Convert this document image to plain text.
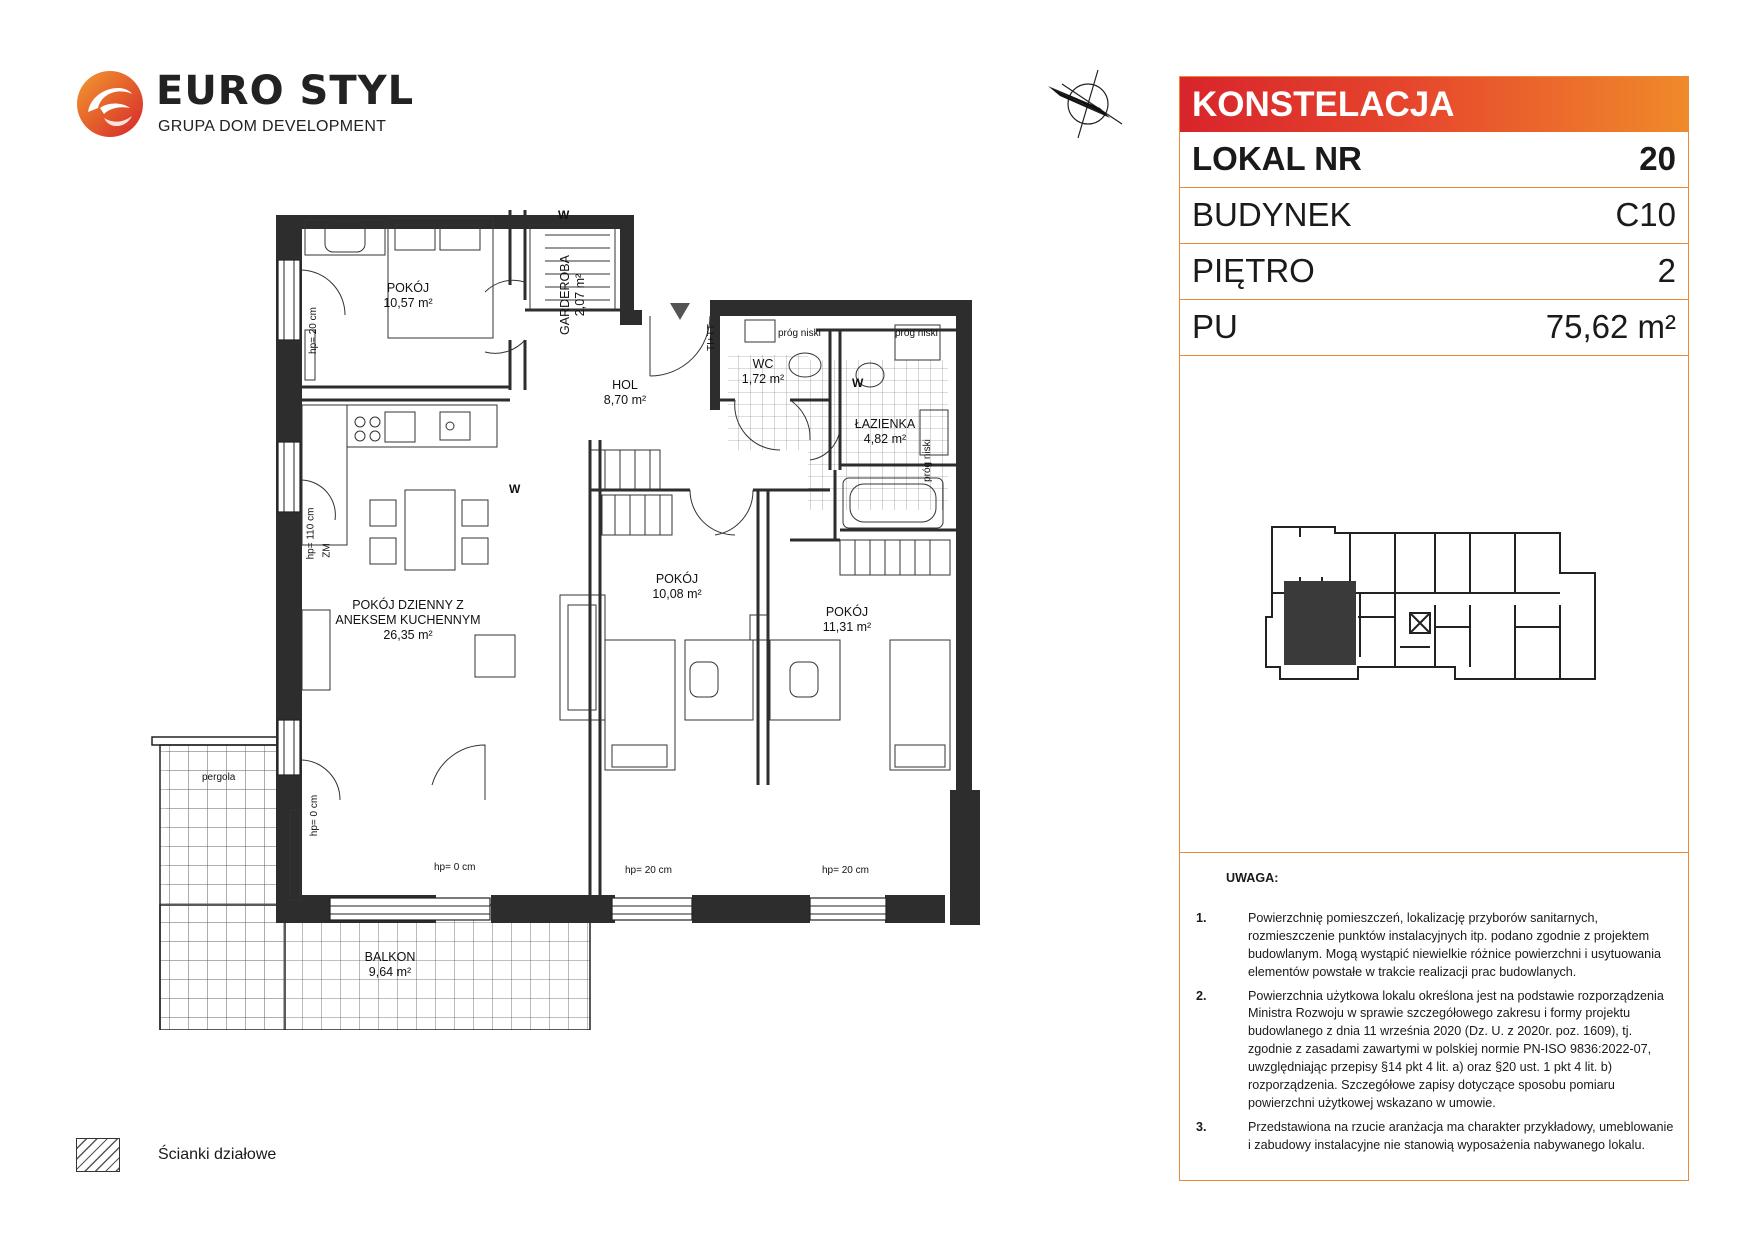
EURO STYL
GRUPA DOM DEVELOPMENT
KONSTELACJA
LOKAL NR	20
BUDYNEK	C10
PIĘTRO	2
PU	75,62 m²
UWAGA:
1.	Powierzchnię pomieszczeń, lokalizację przyborów sanitarnych, rozmieszczenie punktów instalacyjnych itp. podano zgodnie z projektem budowlanym. Mogą wystąpić niewielkie różnice powierzchni i usytuowania elementów powstałe w trakcie realizacji prac budowlanych.
2.	Powierzchnia użytkowa lokalu określona jest na podstawie rozporządzenia Ministra Rozwoju w sprawie szczegółowego zakresu i formy projektu budowlanego z dnia 11 września 2020 (Dz. U. z 2020r. poz. 1609), tj. zgodnie z zasadami zawartymi w polskiej normie PN-ISO 9836:2022-07, uwzględniając przepisy §14 pkt 4 lit. a) oraz §20 ust. 1 pkt 4 lit. b) rozporządzenia. Szczegółowe zapisy dotyczące sposobu pomiaru powierzchni użytkowej wskazano w umowie.
3.	Przedstawiona na rzucie aranżacja ma charakter przykładowy, umeblowanie i zabudowy instalacyjne nie stanowią wyposażenia nabywanego lokalu.
Ścianki działowe
POKÓJ
10,57 m²	GARDEROBA 2,07 m²
HOL
8,70 m²
WC
1,72 m²
ŁAZIENKA
4,82 m²
POKÓJ DZIENNY Z
ANEKSEM KUCHENNYM
26,35 m²
POKÓJ
10,08 m²
POKÓJ
11,31 m²
BALKON
9,64 m²
pergola
hp= 0 cm
hp= 0 cm
hp= 20 cm
hp= 110 cm ZM
hp= 20 cm	hp= 20 cm
próg niski	próg niski
próg niski
TI+TT
W
W
W
